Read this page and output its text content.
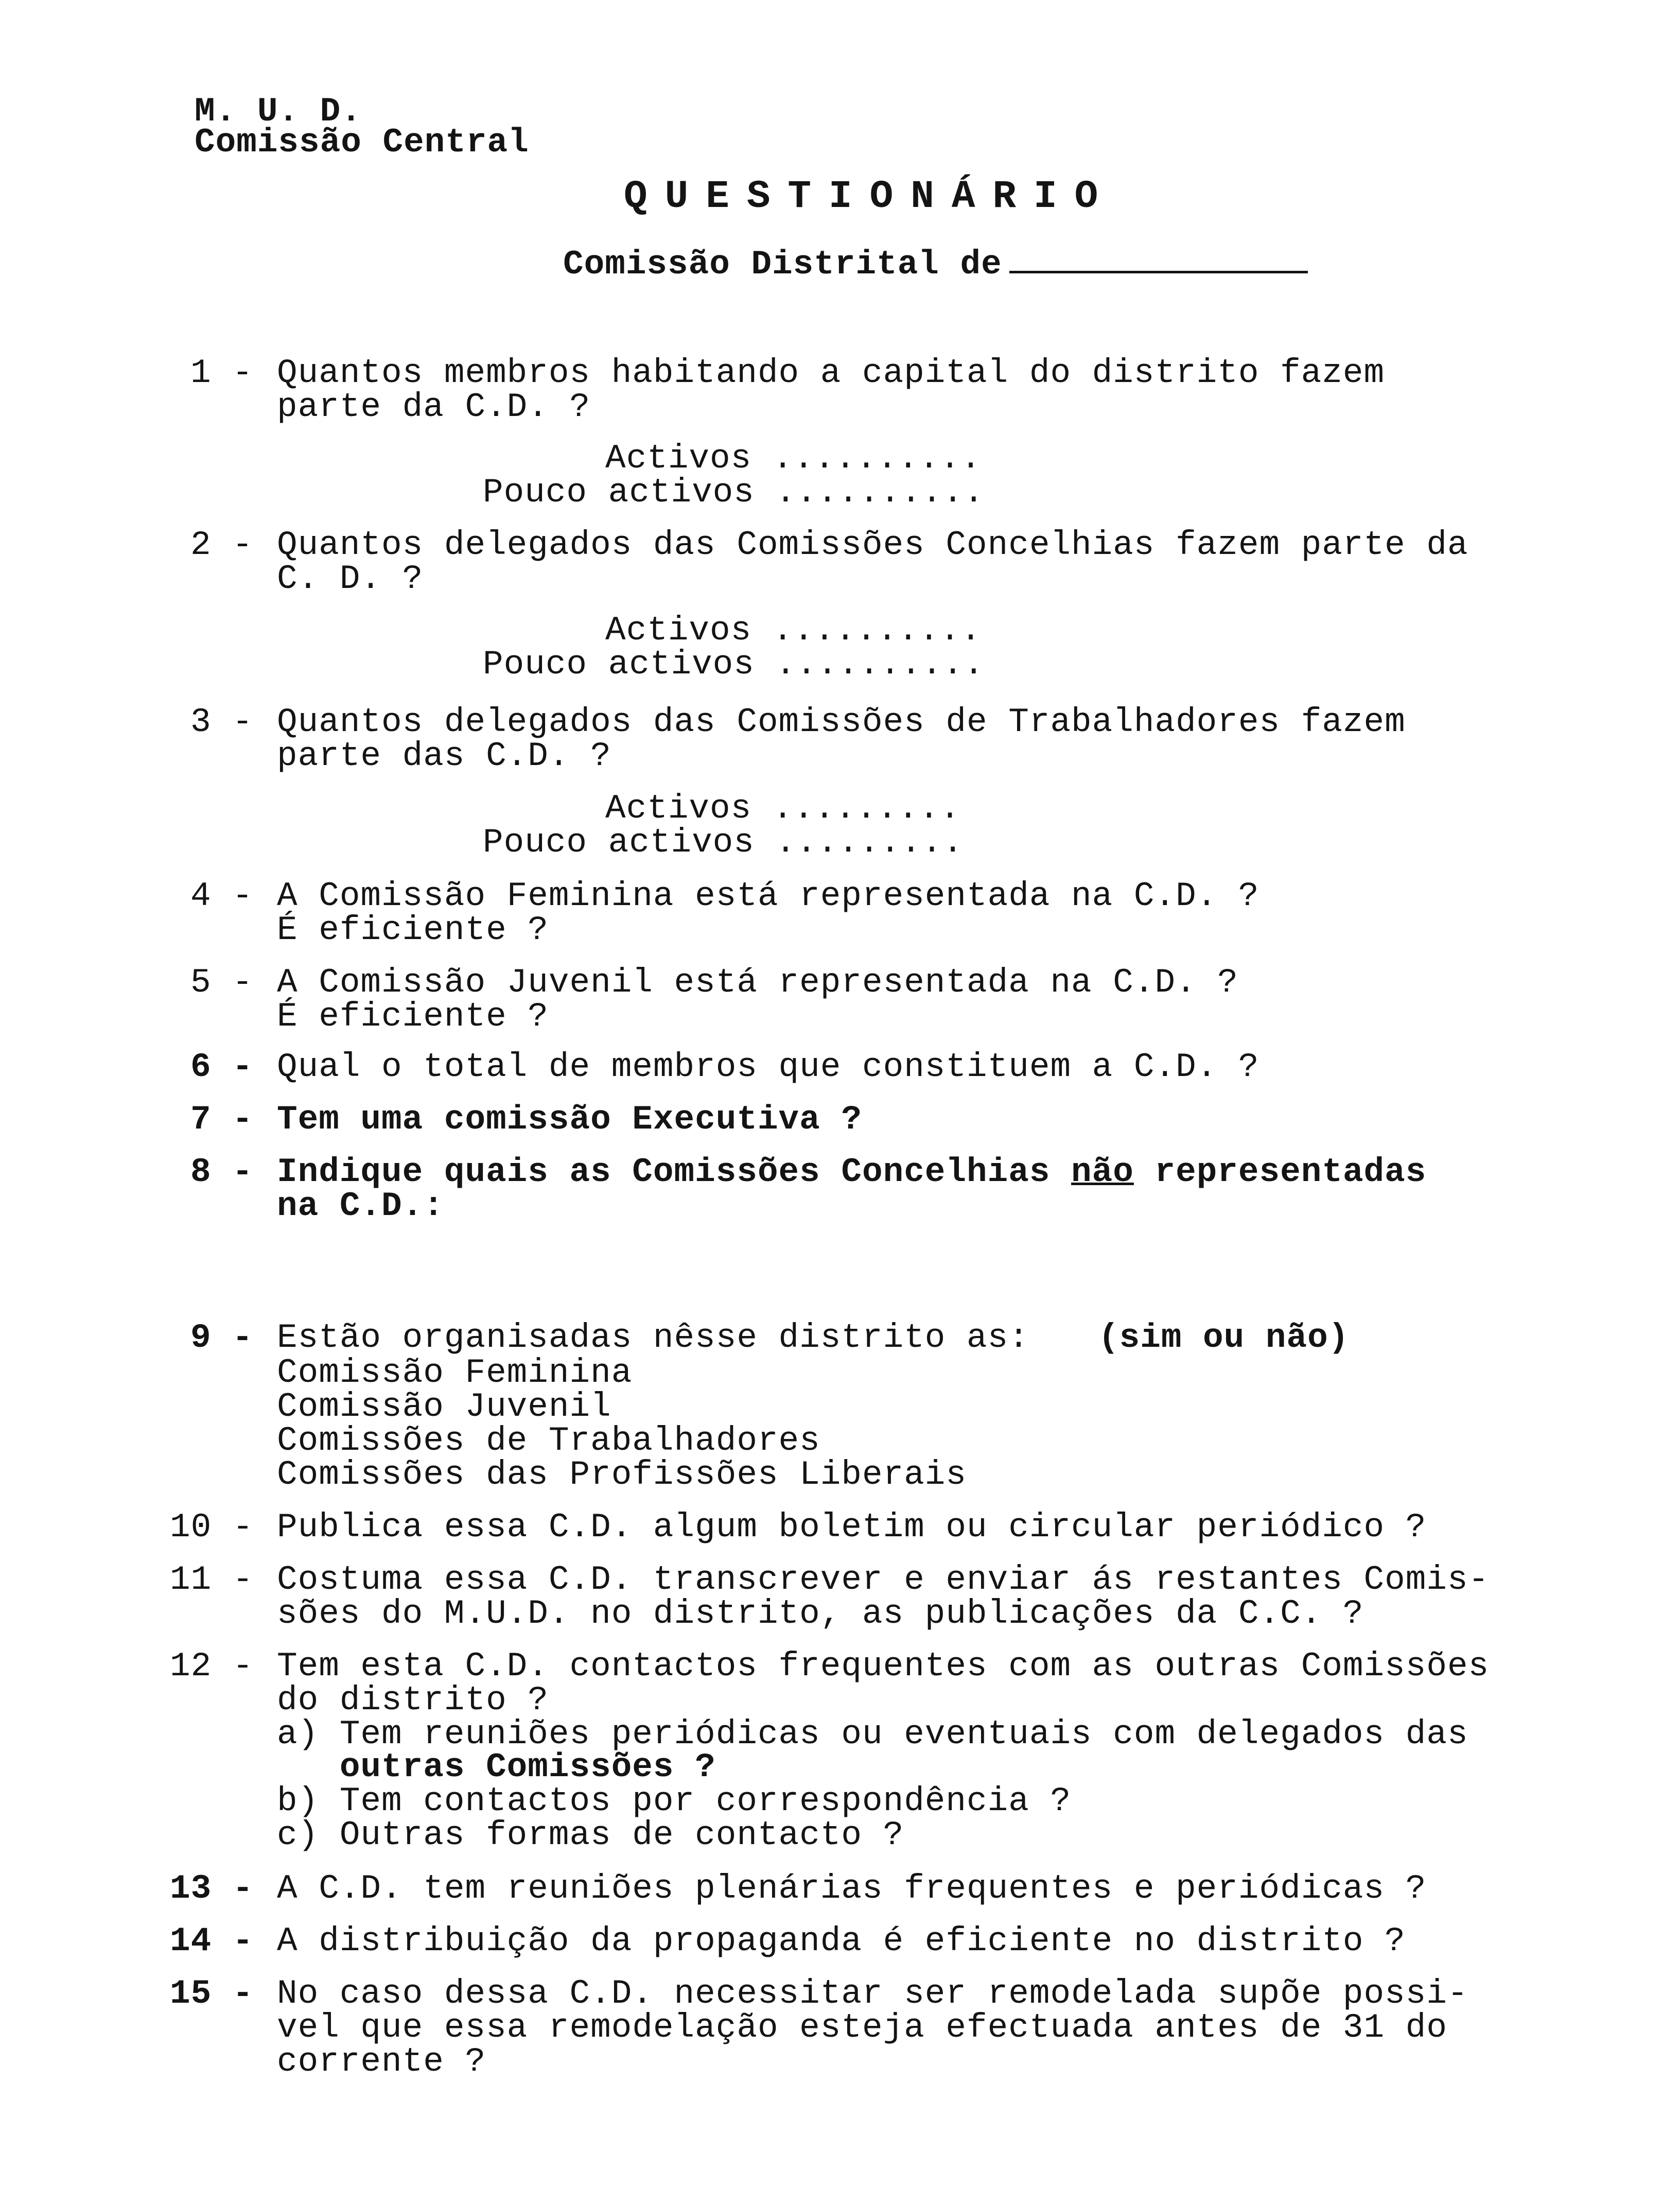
M. U. D.
Comissão Central
QUESTIONÁRIO
Comissão Distrital de
1 - Quantos membros habitando a capital do distrito fazem
parte da C.D. ?
Activos ..........
Pouco activos ..........
2 - Quantos delegados das Comissões Concelhias fazem parte da
C. D. ?
Activos ..........
Pouco activos ..........
3 - Quantos delegados das Comissões de Trabalhadores fazem
parte das C.D. ?
Activos .........
Pouco activos .........
4 - A Comissão Feminina está representada na C.D. ?
É eficiente ?
5 - A Comissão Juvenil está representada na C.D. ?
É eficiente ?
6 - Qual o total de membros que constituem a C.D. ?
7 - Tem uma comissão Executiva ?
8 - Indique quais as Comissões Concelhias não representadas
na C.D.:
9 - Estão organisadas nêsse distrito as: (sim ou não)
Comissão Feminina
Comissão Juvenil
Comissões de Trabalhadores
Comissões das Profissões Liberais
10 - Publica essa C.D. algum boletim ou circular periódico ?
11 - Costuma essa C.D. transcrever e enviar ás restantes Comis-
sões do M.U.D. no distrito, as publicações da C.C. ?
12 - Tem esta C.D. contactos frequentes com as outras Comissões
do distrito ?
a) Tem reuniões periódicas ou eventuais com delegados das
outras Comissões ?
b) Tem contactos por correspondência ?
c) Outras formas de contacto ?
13 - A C.D. tem reuniões plenárias frequentes e periódicas ?
14 - A distribuição da propaganda é eficiente no distrito ?
15 - No caso dessa C.D. necessitar ser remodelada supõe possi-
vel que essa remodelação esteja efectuada antes de 31 do
corrente ?
